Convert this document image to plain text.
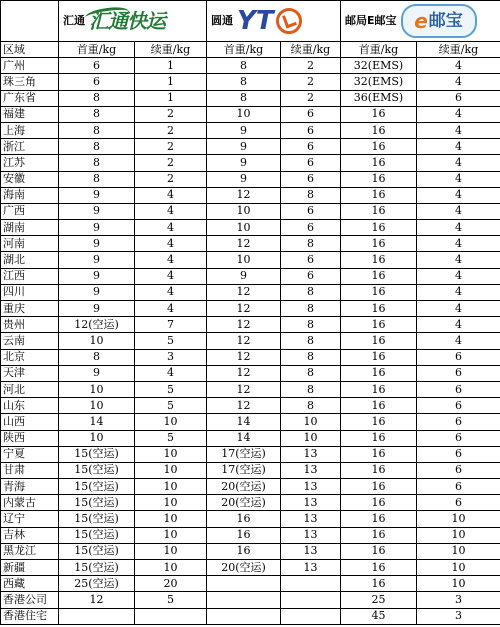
	汇通 汇通快运		圆通 YT		邮局E邮宝 e 邮宝	

区域	首重/kg	续重/kg	首重/kg	续重/kg	首重/kg	续重/kg
广州	6	1	8	2	32(EMS)	4
珠三角	6	1	8	2	32(EMS)	4
广东省	8	1	8	2	36(EMS)	6
福建	8	2	10	6	16	4
上海	8	2	9	6	16	4
浙江	8	2	9	6	16	4
江苏	8	2	9	6	16	4
安徽	8	2	9	6	16	4
海南	9	4	12	8	16	4
广西	9	4	10	6	16	4
湖南	9	4	10	6	16	4
河南	9	4	12	8	16	4
湖北	9	4	10	6	16	4
江西	9	4	9	6	16	4
四川	9	4	12	8	16	4
重庆	9	4	12	8	16	4
贵州	12(空运)	7	12	8	16	4
云南	10	5	12	8	16	4
北京	8	3	12	8	16	6
天津	9	4	12	8	16	6
河北	10	5	12	8	16	6
山东	10	5	12	8	16	6
山西	14	10	14	10	16	6
陕西	10	5	14	10	16	6
宁夏	15(空运)	10	17(空运)	13	16	6
甘肃	15(空运)	10	17(空运)	13	16	6
青海	15(空运)	10	20(空运)	13	16	6
内蒙古	15(空运)	10	20(空运)	13	16	6
辽宁	15(空运)	10	16	13	16	10
吉林	15(空运)	10	16	13	16	10
黑龙江	15(空运)	10	16	13	16	10
新疆	15(空运)	10	20(空运)	13	16	10
西藏	25(空运)	20			16	10
香港公司	12	5			25	3
香港住宅					45	3
